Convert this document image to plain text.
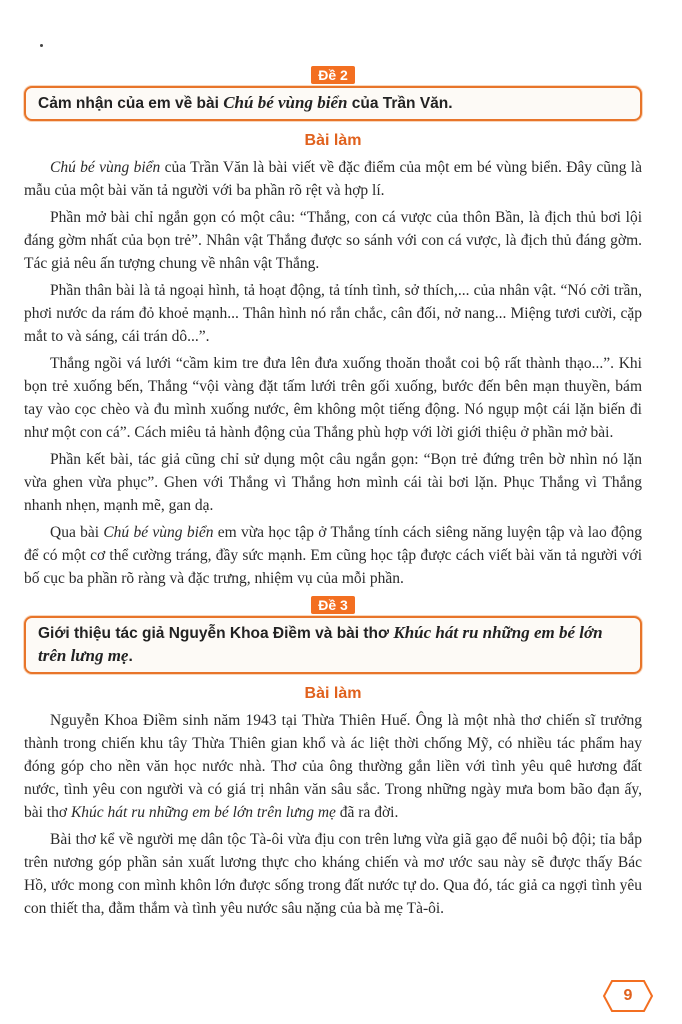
Đề 2
Cảm nhận của em về bài Chú bé vùng biển của Trần Văn.
Bài làm

Chú bé vùng biển của Trần Văn là bài viết về đặc điểm của một em bé vùng biển. Đây cũng là mẫu của một bài văn tả người với ba phần rõ rệt và hợp lí.

Phần mở bài chỉ ngắn gọn có một câu: “Thắng, con cá vược của thôn Bần, là địch thủ bơi lội đáng gờm nhất của bọn trẻ”. Nhân vật Thắng được so sánh với con cá vược, là địch thủ đáng gờm. Tác giả nêu ấn tượng chung về nhân vật Thắng.

Phần thân bài là tả ngoại hình, tả hoạt động, tả tính tình, sở thích,... của nhân vật. “Nó cởi trần, phơi nước da rám đỏ khoẻ mạnh... Thân hình nó rắn chắc, cân đối, nở nang... Miệng tươi cười, cặp mắt to và sáng, cái trán dô...”.

Thắng ngồi vá lưới “cầm kim tre đưa lên đưa xuống thoăn thoắt coi bộ rất thành thạo...”. Khi bọn trẻ xuống bến, Thắng “vội vàng đặt tấm lưới trên gối xuống, bước đến bên mạn thuyền, bám tay vào cọc chèo và đu mình xuống nước, êm không một tiếng động. Nó ngụp một cái lặn biến đi như một con cá”. Cách miêu tả hành động của Thắng phù hợp với lời giới thiệu ở phần mở bài.

Phần kết bài, tác giả cũng chỉ sử dụng một câu ngắn gọn: “Bọn trẻ đứng trên bờ nhìn nó lặn vừa ghen vừa phục”. Ghen với Thắng vì Thắng hơn mình cái tài bơi lặn. Phục Thắng vì Thắng nhanh nhẹn, mạnh mẽ, gan dạ.

Qua bài Chú bé vùng biển em vừa học tập ở Thắng tính cách siêng năng luyện tập và lao động để có một cơ thể cường tráng, đầy sức mạnh. Em cũng học tập được cách viết bài văn tả người với bố cục ba phần rõ ràng và đặc trưng, nhiệm vụ của mỗi phần.

Đề 3
Giới thiệu tác giả Nguyễn Khoa Điềm và bài thơ Khúc hát ru những em bé lớn trên lưng mẹ.
Bài làm

Nguyễn Khoa Điềm sinh năm 1943 tại Thừa Thiên Huế. Ông là một nhà thơ chiến sĩ trưởng thành trong chiến khu tây Thừa Thiên gian khổ và ác liệt thời chống Mỹ, có nhiều tác phẩm hay đóng góp cho nền văn học nước nhà. Thơ của ông thường gắn liền với tình yêu quê hương đất nước, tình yêu con người và có giá trị nhân văn sâu sắc. Trong những ngày mưa bom bão đạn ấy, bài thơ Khúc hát ru những em bé lớn trên lưng mẹ đã ra đời.

Bài thơ kể về người mẹ dân tộc Tà-ôi vừa địu con trên lưng vừa giã gạo để nuôi bộ đội; tỉa bắp trên nương góp phần sản xuất lương thực cho kháng chiến và mơ ước sau này sẽ được thấy Bác Hồ, ước mong con mình khôn lớn được sống trong đất nước tự do. Qua đó, tác giả ca ngợi tình yêu con thiết tha, đằm thắm và tình yêu nước sâu nặng của bà mẹ Tà-ôi.

9
